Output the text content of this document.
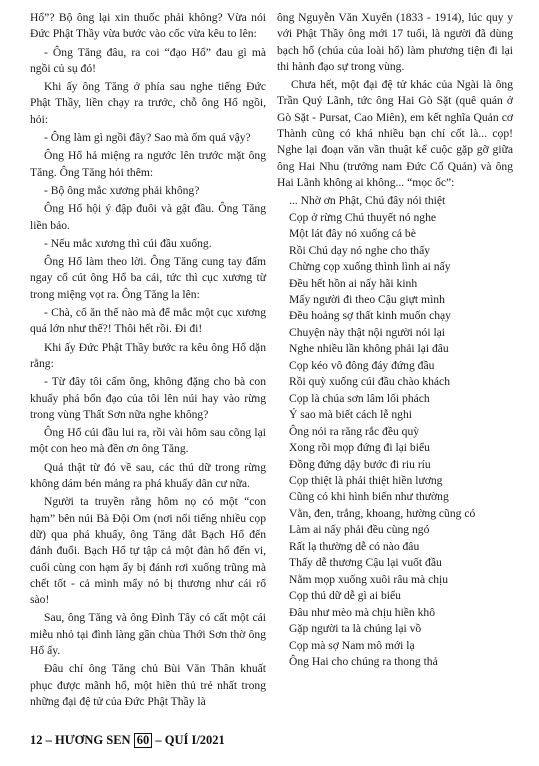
Hổ”? Bộ ông lại xin thuốc phải không? Vừa nói Đức Phật Thầy vừa bước vào cốc vừa kêu to lên:

- Ông Tăng đâu, ra coi “đạo Hổ” đau gì mà ngồi củ sụ đó!

Khi ấy ông Tăng ở phía sau nghe tiếng Đức Phật Thầy, liền chạy ra trước, chỗ ông Hổ ngồi, hỏi:

- Ông làm gì ngồi đây? Sao mà ốm quá vậy?

Ông Hổ hả miệng ra ngước lên trước mặt ông Tăng. Ông Tăng hỏi thêm:

- Bộ ông mắc xương phải không?

Ông Hổ hội ý đập đuôi và gật đầu. Ông Tăng liền bảo.

- Nếu mắc xương thì cúi đầu xuống.

Ông Hổ làm theo lời. Ông Tăng cung tay đấm ngay cổ cút ông Hổ ba cái, tức thì cục xương từ trong miệng vọt ra. Ông Tăng la lên:

- Chà, cố ăn thế nào mà để mắc một cục xương quá lớn như thế?! Thôi hết rồi. Đi đi!

Khi ấy Đức Phật Thầy bước ra kêu ông Hổ dặn rằng:

- Từ đây tôi cấm ông, không đặng cho bà con khuẩy phá bổn đạo của tôi lên núi hay vào rừng trong vùng Thất Sơn nữa nghe không?

Ông Hổ cúi đầu lui ra, rồi vài hôm sau cõng lại một con heo mà đền ơn ông Tăng.

Quả thật từ đó về sau, các thú dữ trong rừng không dám bén mảng ra phá khuấy dân cư nữa.

Người ta truyền rằng hôm nọ có một “con hạm” bên núi Bà Đội Om (nơi nổi tiếng nhiều cọp dữ) qua phá khuấy, ông Tăng dắt Bạch Hổ đến đánh đuổi. Bạch Hổ tự tập cả một đàn hổ đến vi, cuối cùng con hạm ấy bị đánh rơi xuống trũng mà chết tốt - cả mình mẩy nó bị thương như cái rổ sào!

Sau, ông Tăng và ông Đình Tây có cất một cái miễu nhỏ tại đình làng gần chùa Thới Sơn thờ ông Hổ ấy.

Đâu chỉ ông Tăng chủ Bùi Văn Thân khuất phục được mãnh hổ, một hiền thủ trẻ nhất trong những đại đệ tử của Đức Phật Thầy là

ông Nguyễn Văn Xuyến (1833 - 1914), lúc quy y với Phật Thầy ông mới 17 tuổi, là người đã dùng bạch hổ (chúa của loài hổ) làm phương tiện đi lại thi hành đạo sự trong vùng.

Chưa hết, một đại đệ tử khác của Ngài là ông Trần Quỷ Lãnh, tức ông Hai Gò Sặt (quê quán ở Gò Sặt - Pursat, Cao Miên), em kết nghĩa Quản cơ Thành cũng có khá nhiều bạn chí cốt là... cọp! Nghe lại đoạn văn vần thuật kể cuộc gặp gỡ giữa ông Hai Nhu (trưởng nam Đức Cố Quản) và ông Hai Lãnh không ai không... “mọc ốc”:

... Nhờ ơn Phật, Chú đây nói thiệt
Cọp ở rừng Chú thuyết nó nghe
Một lát đây nó xuống cả bè
Rồi Chú dạy nó nghe cho thấy
Chừng cọp xuống thình lình ai nấy
Đều hết hồn ai nấy hãi kinh
Mấy người đi theo Cậu giựt mình
Đều hoảng sợ thất kinh muốn chạy
Chuyện này thật nội người nói lại
Nghe nhiều lần không phải lại đâu
Cọp kéo vô đông đáy đứng đầu
Rồi quỳ xuống cúi đầu chào khách
Cọp là chúa sơn lâm lối phách
Ý sao mà biết cách lễ nghi
Ông nói ra răng rắc đều quỳ
Xong rồi mọp đứng đi lại biểu
Đồng đứng dậy bước đi riu ríu
Cọp thiệt là phải thiệt hiền lương
Cũng có khi hình biến như thường
Vằn, đen, trắng, khoang, hường cũng có
Làm ai nấy phải đều cùng ngó
Rất lạ thường dễ có nào đâu
Thấy dễ thương Cậu lại vuốt đầu
Nằm mọp xuống xuôi râu mà chịu
Cọp thú dữ dễ gì ai biểu
Đâu như mèo mà chịu hiền khô
Gặp người ta là chúng lại vồ
Cọp mà sợ Nam mô mới lạ
Ông Hai cho chúng ra thong thả
12 – HƯƠNG SEN 60 – QUÍ I/2021
